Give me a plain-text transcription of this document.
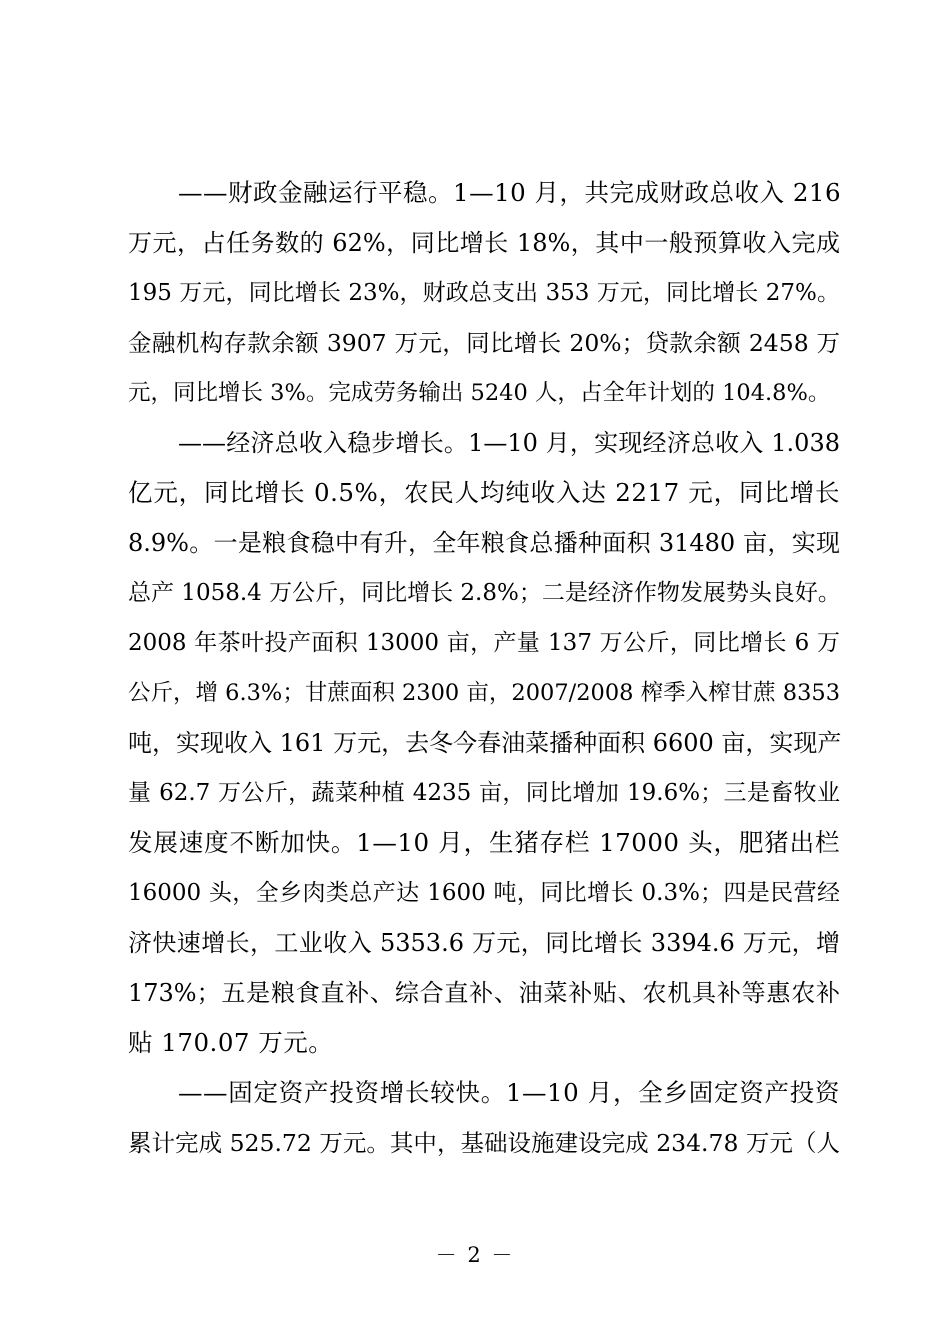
——财政金融运行平稳。1—10 月，共完成财政总收入 216
万元，占任务数的 62%，同比增长 18%，其中一般预算收入完成
195 万元，同比增长 23%，财政总支出 353 万元，同比增长 27%。
金融机构存款余额 3907 万元，同比增长 20%；贷款余额 2458 万
元，同比增长 3%。完成劳务输出 5240 人，占全年计划的 104.8%。
——经济总收入稳步增长。1—10 月，实现经济总收入 1.038
亿元，同比增长 0.5%，农民人均纯收入达 2217 元，同比增长
8.9%。一是粮食稳中有升，全年粮食总播种面积 31480 亩，实现
总产 1058.4 万公斤，同比增长 2.8%；二是经济作物发展势头良好。
2008 年茶叶投产面积 13000 亩，产量 137 万公斤，同比增长 6 万
公斤，增 6.3%；甘蔗面积 2300 亩，2007/2008 榨季入榨甘蔗 8353
吨，实现收入 161 万元，去冬今春油菜播种面积 6600 亩，实现产
量 62.7 万公斤，蔬菜种植 4235 亩，同比增加 19.6%；三是畜牧业
发展速度不断加快。1—10 月，生猪存栏 17000 头，肥猪出栏
16000 头，全乡肉类总产达 1600 吨，同比增长 0.3%；四是民营经
济快速增长，工业收入 5353.6 万元，同比增长 3394.6 万元，增
173%；五是粮食直补、综合直补、油菜补贴、农机具补等惠农补
贴 170.07 万元。
——固定资产投资增长较快。1—10 月，全乡固定资产投资
累计完成 525.72 万元。其中，基础设施建设完成 234.78 万元（人
－ 2 －
